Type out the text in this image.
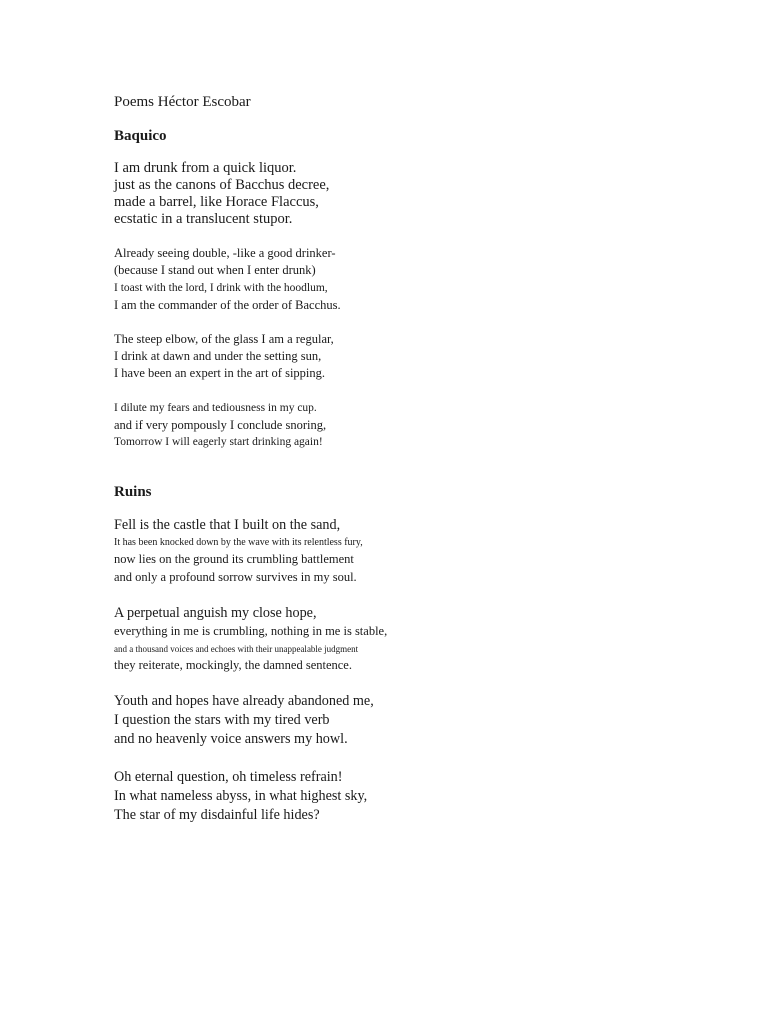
Poems Héctor Escobar
Baquico
I am drunk from a quick liquor.
just as the canons of Bacchus decree,
made a barrel, like Horace Flaccus,
ecstatic in a translucent stupor.
Already seeing double, -like a good drinker-
(because I stand out when I enter drunk)
I toast with the lord, I drink with the hoodlum,
I am the commander of the order of Bacchus.
The steep elbow, of the glass I am a regular,
I drink at dawn and under the setting sun,
I have been an expert in the art of sipping.
I dilute my fears and tediousness in my cup.
and if very pompously I conclude snoring,
Tomorrow I will eagerly start drinking again!
Ruins
Fell is the castle that I built on the sand,
It has been knocked down by the wave with its relentless fury,
now lies on the ground its crumbling battlement
and only a profound sorrow survives in my soul.
A perpetual anguish my close hope,
everything in me is crumbling, nothing in me is stable,
and a thousand voices and echoes with their unappealable judgment
they reiterate, mockingly, the damned sentence.
Youth and hopes have already abandoned me,
I question the stars with my tired verb
and no heavenly voice answers my howl.
Oh eternal question, oh timeless refrain!
In what nameless abyss, in what highest sky,
The star of my disdainful life hides?
